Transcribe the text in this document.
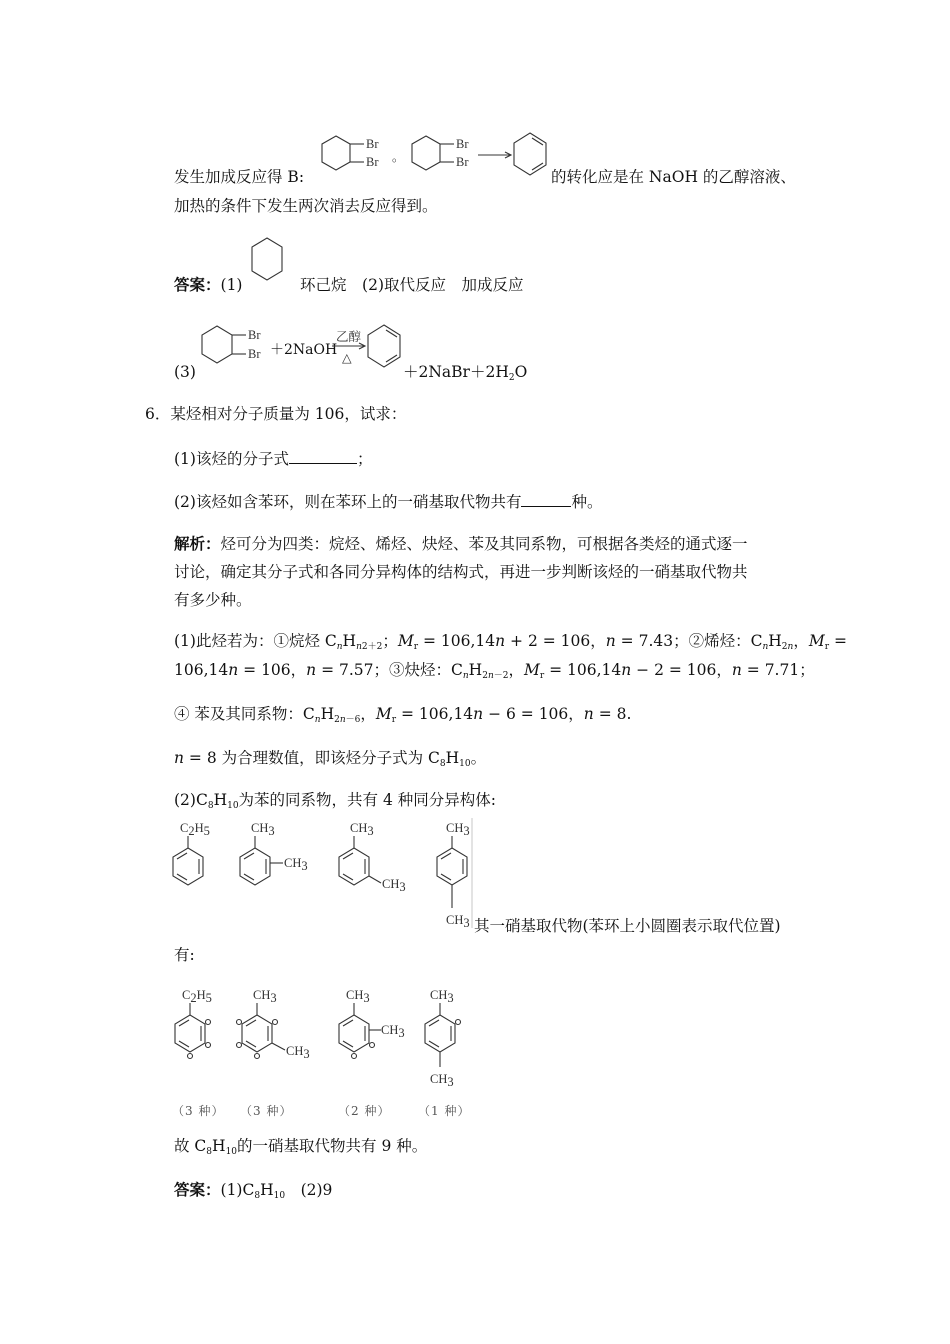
发生加成反应得 B:
Br
Br 。
Br
Br →
的转化应是在 NaOH 的乙醇溶液、
加热的条件下发生两次消去反应得到。
答案：(1)	环己烷　 (2)取代反应　加成反应
(3)
Br
Br ＋2NaOH
乙醇
△
$+2NaBr+2H_2O$
6．某烃相对分子质量为 106，试求：
(1)该烃的分子式	；
(2)该烃如含苯环，则在苯环上的一硝基取代物共有	种。
解析：烃可分为四类：烷烃、烯烃、炔烃、苯及其同系物，可根据各类烃的通式逐一
讨论，确定其分子式和各同分异构体的结构式，再进一步判断该烃的一硝基取代物共
有多少种。
(1)此烃若为：①烷烃 $C_nH_{n2+2}$；$M_r = 106,14n + 2 = 106$，n = 7.43；②烯烃：$C_nH_{2n}$，$M_r$ =
106,14n = 106，n = 7.57；③炔烃：$C_nH_{2n-2}$，$M_r = 106,14n - 2 = 106$，n = 7.71；
④ 苯及其同系物：$C_nH_{2n-6}$，$M_r = 106,14n - 6 = 106$，n = 8.
n = 8 为合理数值，即该烃分子式为 $C_8H_{10}$。
$(2)C_8H_{10}$为苯的同系物，共有 4 种同分异构体:
C2H5	CH3
CH3
CH3
CH3
CH3
CH3 其一硝基取代物(苯环上小圆圈表示取代位置)
有:
C2H5	CH3
CH3
CH3
CH3
CH3
CH3
（3 种） （3 种）	（2 种） （1 种）
故 $C_8H_{10}$的一硝基取代物共有 9 种。
答案：$(1)C_8H_{10}$　 (2)9
